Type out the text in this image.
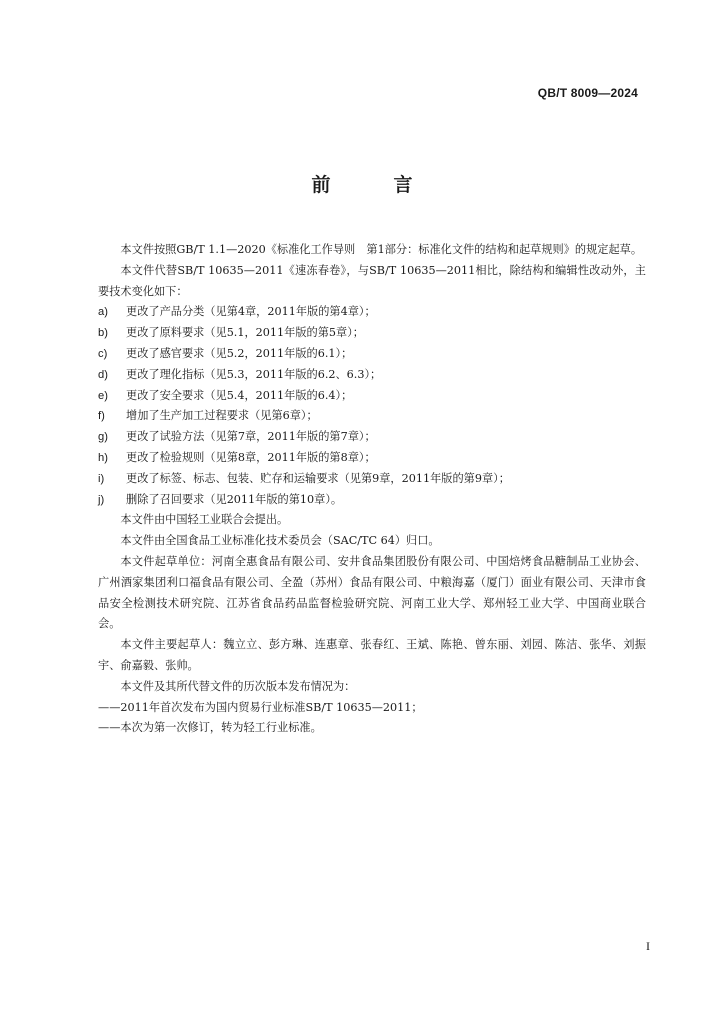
QB/T 8009—2024
前　言

本文件按照GB/T 1.1—2020《标准化工作导则　第1部分：标准化文件的结构和起草规则》的规定起草。

本文件代替SB/T 10635—2011《速冻春卷》，与SB/T 10635—2011相比，除结构和编辑性改动外，主要技术变化如下：

a) 更改了产品分类（见第4章，2011年版的第4章）；

b) 更改了原料要求（见5.1，2011年版的第5章）；

c) 更改了感官要求（见5.2，2011年版的6.1）；

d) 更改了理化指标（见5.3，2011年版的6.2、6.3）；

e) 更改了安全要求（见5.4，2011年版的6.4）；

f) 增加了生产加工过程要求（见第6章）；

g) 更改了试验方法（见第7章，2011年版的第7章）；

h) 更改了检验规则（见第8章，2011年版的第8章）；

i) 更改了标签、标志、包装、贮存和运输要求（见第9章，2011年版的第9章）；

j) 删除了召回要求（见2011年版的第10章）。

本文件由中国轻工业联合会提出。

本文件由全国食品工业标准化技术委员会（SAC/TC 64）归口。

本文件起草单位：河南全惠食品有限公司、安井食品集团股份有限公司、中国焙烤食品糖制品工业协会、广州酒家集团利口福食品有限公司、全盈（苏州）食品有限公司、中粮海嘉（厦门）面业有限公司、天津市食品安全检测技术研究院、江苏省食品药品监督检验研究院、河南工业大学、郑州轻工业大学、中国商业联合会。

本文件主要起草人：魏立立、彭方琳、连惠章、张春红、王斌、陈艳、曾东丽、刘园、陈洁、张华、刘振宇、俞嘉毅、张帅。

本文件及其所代替文件的历次版本发布情况为：

——2011年首次发布为国内贸易行业标准SB/T 10635—2011；

——本次为第一次修订，转为轻工行业标准。

I
